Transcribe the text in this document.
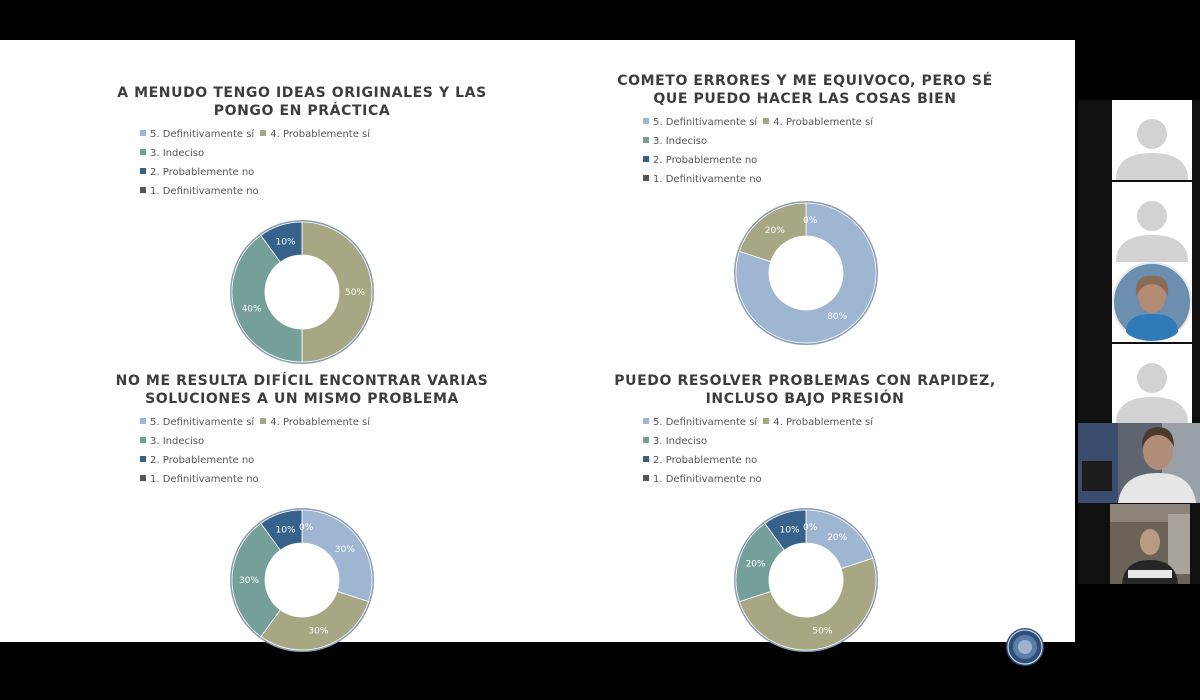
A MENUDO TENGO IDEAS ORIGINALES Y LAS
PONGO EN PRÁCTICA
5. Definitivamente sí 4. Probablemente sí3. Indeciso
2. Probablemente no1. Definitivamente no
50%
40%
10%
COMETO ERRORES Y ME EQUIVOCO, PERO SÉ
QUE PUEDO HACER LAS COSAS BIEN
5. Definitivamente sí 4. Probablemente sí3. Indeciso
2. Probablemente no1. Definitivamente no
80%
20%
0%
NO ME RESULTA DIFÍCIL ENCONTRAR VARIAS
SOLUCIONES A UN MISMO PROBLEMA
5. Definitivamente sí 4. Probablemente sí3. Indeciso
2. Probablemente no1. Definitivamente no
30%
30%
30%
10% 0%
PUEDO RESOLVER PROBLEMAS CON RAPIDEZ,
INCLUSO BAJO PRESIÓN
5. Definitivamente sí 4. Probablemente sí3. Indeciso
2. Probablemente no1. Definitivamente no
20%
50%
20%
10% 0%
